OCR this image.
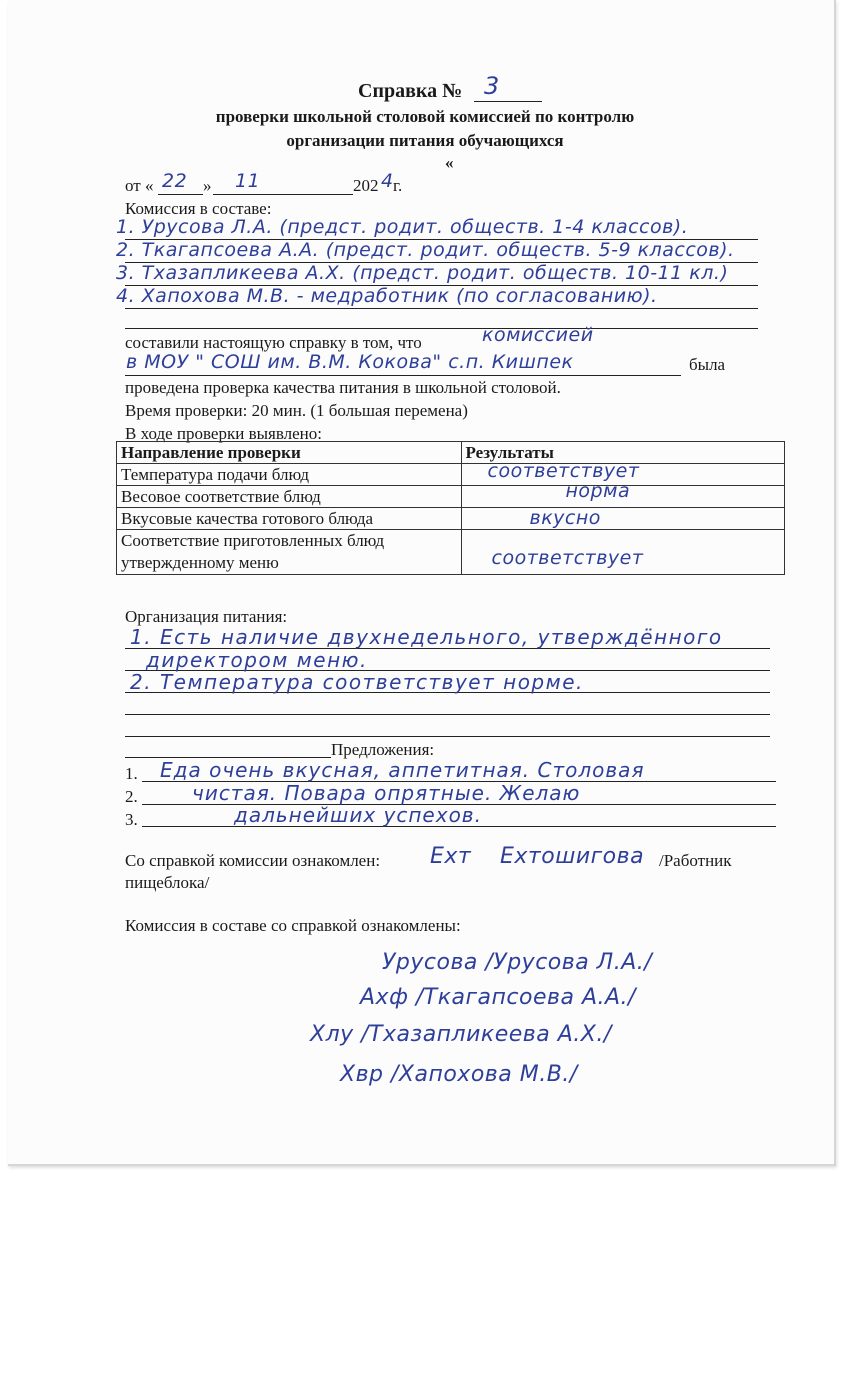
Справка № 3
проверки школьной столовой комиссией по контролю
организации питания обучающихся
«
от « 22 » 11	202 4 г.
Комиссия в составе:
1. Урусова Л.А. (предст. родит. обществ. 1-4 классов).
2. Ткагапсоева А.А. (предст. родит. обществ. 5-9 классов).
3. Тхазапликеева А.Х. (предст. родит. обществ. 10-11 кл.)
4. Хапохова М.В. - медработник (по согласованию).
составили настоящую справку в том, что	комиссией
в МОУ " СОШ им. В.М. Кокова" с.п. Кишпек	была
проведена проверка качества питания в школьной столовой.
Время проверки: 20 мин. (1 большая перемена)
В ходе проверки выявлено:
Направление проверки	Результаты
Температура подачи блюд	соответствует

Весовое соответствие блюд	норма

Вкусовые качества готового блюда	вкусно

Соответствие приготовленных блюд утвержденному меню	соответствует
Организация питания:
1. Есть наличие двухнедельного, утверждённого
директором меню.
2. Температура соответствует норме.
Предложения:
1.
2.
3.
Еда очень вкусная, аппетитная. Столовая
чистая. Повара опрятные. Желаю
дальнейших успехов.
Со справкой комиссии ознакомлен: Ехт Ехтошигова /Работник
пищеблока/
Комиссия в составе со справкой ознакомлены:
Урусова /Урусова Л.А./
Ахф /Ткагапсоева А.А./
Хлу /Тхазапликеева А.Х./
Хвр /Хапохова М.В./
